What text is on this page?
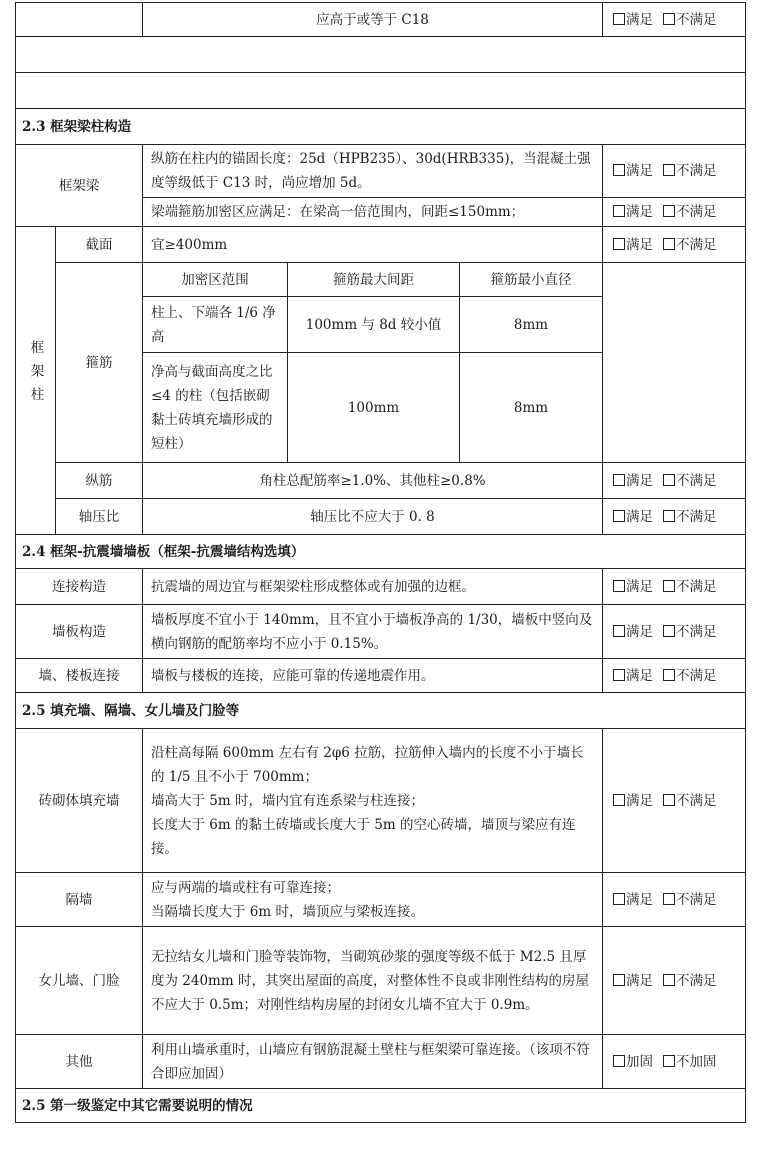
		应高于或等于 C18			满足 不满足

2.3 框架梁柱构造					
框架梁		纵筋在柱内的锚固长度：25d（HPB235）、30d(HRB335)，当混凝土强度等级低于 C13 时，尚应增加 5d。			满足 不满足
		梁端箍筋加密区应满足：在梁高一倍范围内，间距≤150mm；			满足 不满足
框架柱	截面	宜≥400mm			满足 不满足
	箍筋	加密区范围	箍筋最大间距	箍筋最小直径	
		柱上、下端各 1/6 净高	100mm 与 8d 较小值	8mm	
		净高与截面高度之比≤4 的柱（包括嵌砌黏土砖填充墙形成的短柱）	100mm	8mm	
	纵筋	角柱总配筋率≥1.0%、其他柱≥0.8%			满足 不满足
	轴压比	轴压比不应大于 0. 8			满足 不满足

2.4 框架-抗震墙墙板（框架-抗震墙结构选填）					
连接构造		抗震墙的周边宜与框架梁柱形成整体或有加强的边框。			满足 不满足
墙板构造		墙板厚度不宜小于 140mm，且不宜小于墙板净高的 1/30，墙板中竖向及横向钢筋的配筋率均不应小于 0.15%。			满足 不满足
墙、楼板连接		墙板与楼板的连接，应能可靠的传递地震作用。			满足 不满足
2.5 填充墙、隔墙、女儿墙及门脸等					
砖砌体填充墙		沿柱高每隔 600mm 左右有 2φ6 拉筋，拉筋伸入墙内的长度不小于墙长的 1/5 且不小于 700mm；
墙高大于 5m 时，墙内宜有连系梁与柱连接；
长度大于 6m 的黏土砖墙或长度大于 5m 的空心砖墙，墙顶与梁应有连接。			满足 不满足
隔墙		应与两端的墙或柱有可靠连接；
当隔墙长度大于 6m 时，墙顶应与梁板连接。			满足 不满足
女儿墙、门脸		无拉结女儿墙和门脸等装饰物，当砌筑砂浆的强度等级不低于 M2.5 且厚度为 240mm 时，其突出屋面的高度，对整体性不良或非刚性结构的房屋不应大于 0.5m；对刚性结构房屋的封闭女儿墙不宜大于 0.9m。			满足 不满足
其他		利用山墙承重时，山墙应有钢筋混凝土壁柱与框架梁可靠连接。（该项不符合即应加固）			加固 不加固
2.5 第一级鉴定中其它需要说明的情况					
